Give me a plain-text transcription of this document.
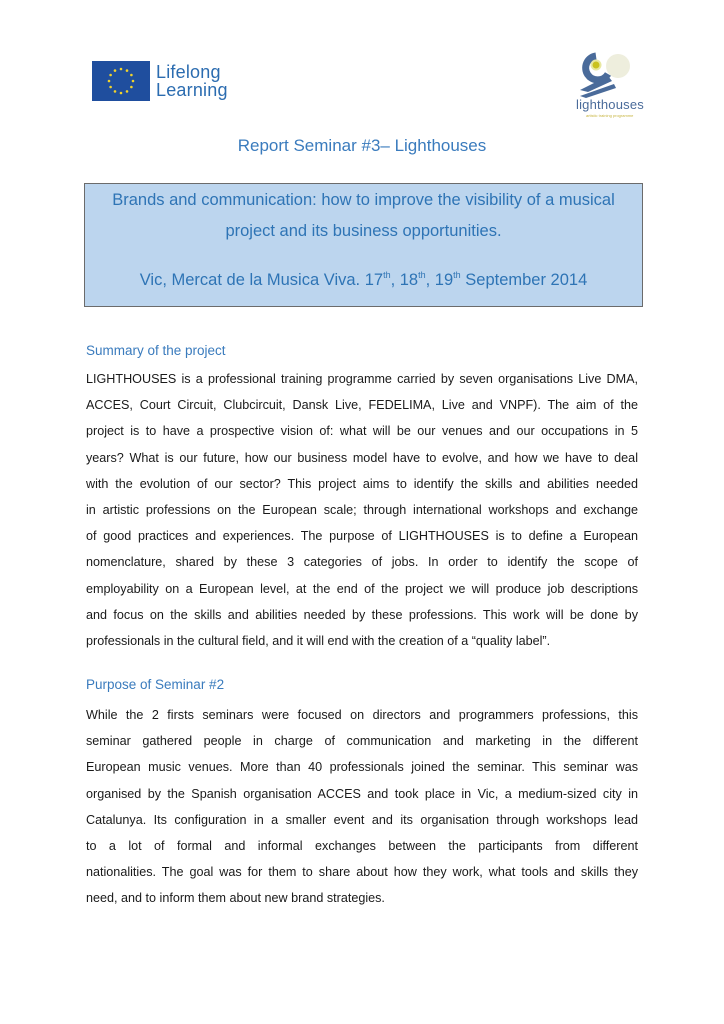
Lifelong
Learning
lighthouses
artistic training programme
Report Seminar #3– Lighthouses
Brands and communication: how to improve the visibility of a musical
project and its business opportunities.
Vic, Mercat de la Musica Viva. 17th, 18th, 19th September 2014
Summary of the project
LIGHTHOUSES is a professional training programme carried by seven organisations Live DMA,
ACCES, Court Circuit, Clubcircuit, Dansk Live, FEDELIMA, Live and VNPF). The aim of the
project is to have a prospective vision of: what will be our venues and our occupations in 5
years? What is our future, how our business model have to evolve, and how we have to deal
with the evolution of our sector? This project aims to identify the skills and abilities needed
in artistic professions on the European scale; through international workshops and exchange
of good practices and experiences. The purpose of LIGHTHOUSES is to define a European
nomenclature, shared by these 3 categories of jobs. In order to identify the scope of
employability on a European level, at the end of the project we will produce job descriptions
and focus on the skills and abilities needed by these professions. This work will be done by
professionals in the cultural field, and it will end with the creation of a “quality label”.
Purpose of Seminar #2
While the 2 firsts seminars were focused on directors and programmers professions, this
seminar gathered people in charge of communication and marketing in the different
European music venues. More than 40 professionals joined the seminar. This seminar was
organised by the Spanish organisation ACCES and took place in Vic, a medium-sized city in
Catalunya. Its configuration in a smaller event and its organisation through workshops lead
to a lot of formal and informal exchanges between the participants from different
nationalities. The goal was for them to share about how they work, what tools and skills they
need, and to inform them about new brand strategies.
